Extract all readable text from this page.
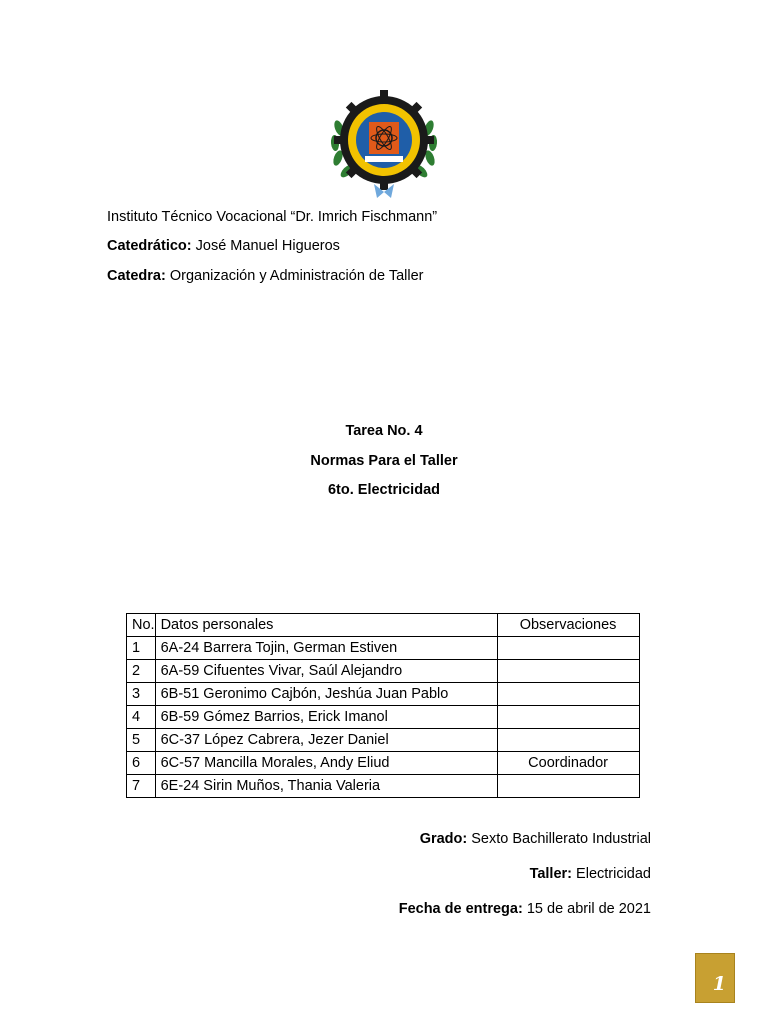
Instituto Técnico Vocacional “Dr. Imrich Fischmann”
Catedrático: José Manuel Higueros
Catedra: Organización y Administración de Taller
Tarea No. 4
Normas Para el Taller
6to. Electricidad
No.	Datos personales	Observaciones
1	6A-24 Barrera Tojin, German Estiven	
2	6A-59 Cifuentes Vivar, Saúl Alejandro	
3	6B-51 Geronimo Cajbón, Jeshúa Juan Pablo	
4	6B-59 Gómez Barrios, Erick Imanol	
5	6C-37 López Cabrera, Jezer Daniel	
6	6C-57 Mancilla Morales, Andy Eliud	Coordinador
7	6E-24 Sirin Muños, Thania Valeria	
Grado: Sexto Bachillerato Industrial
Taller: Electricidad
Fecha de entrega: 15 de abril de 2021
1
